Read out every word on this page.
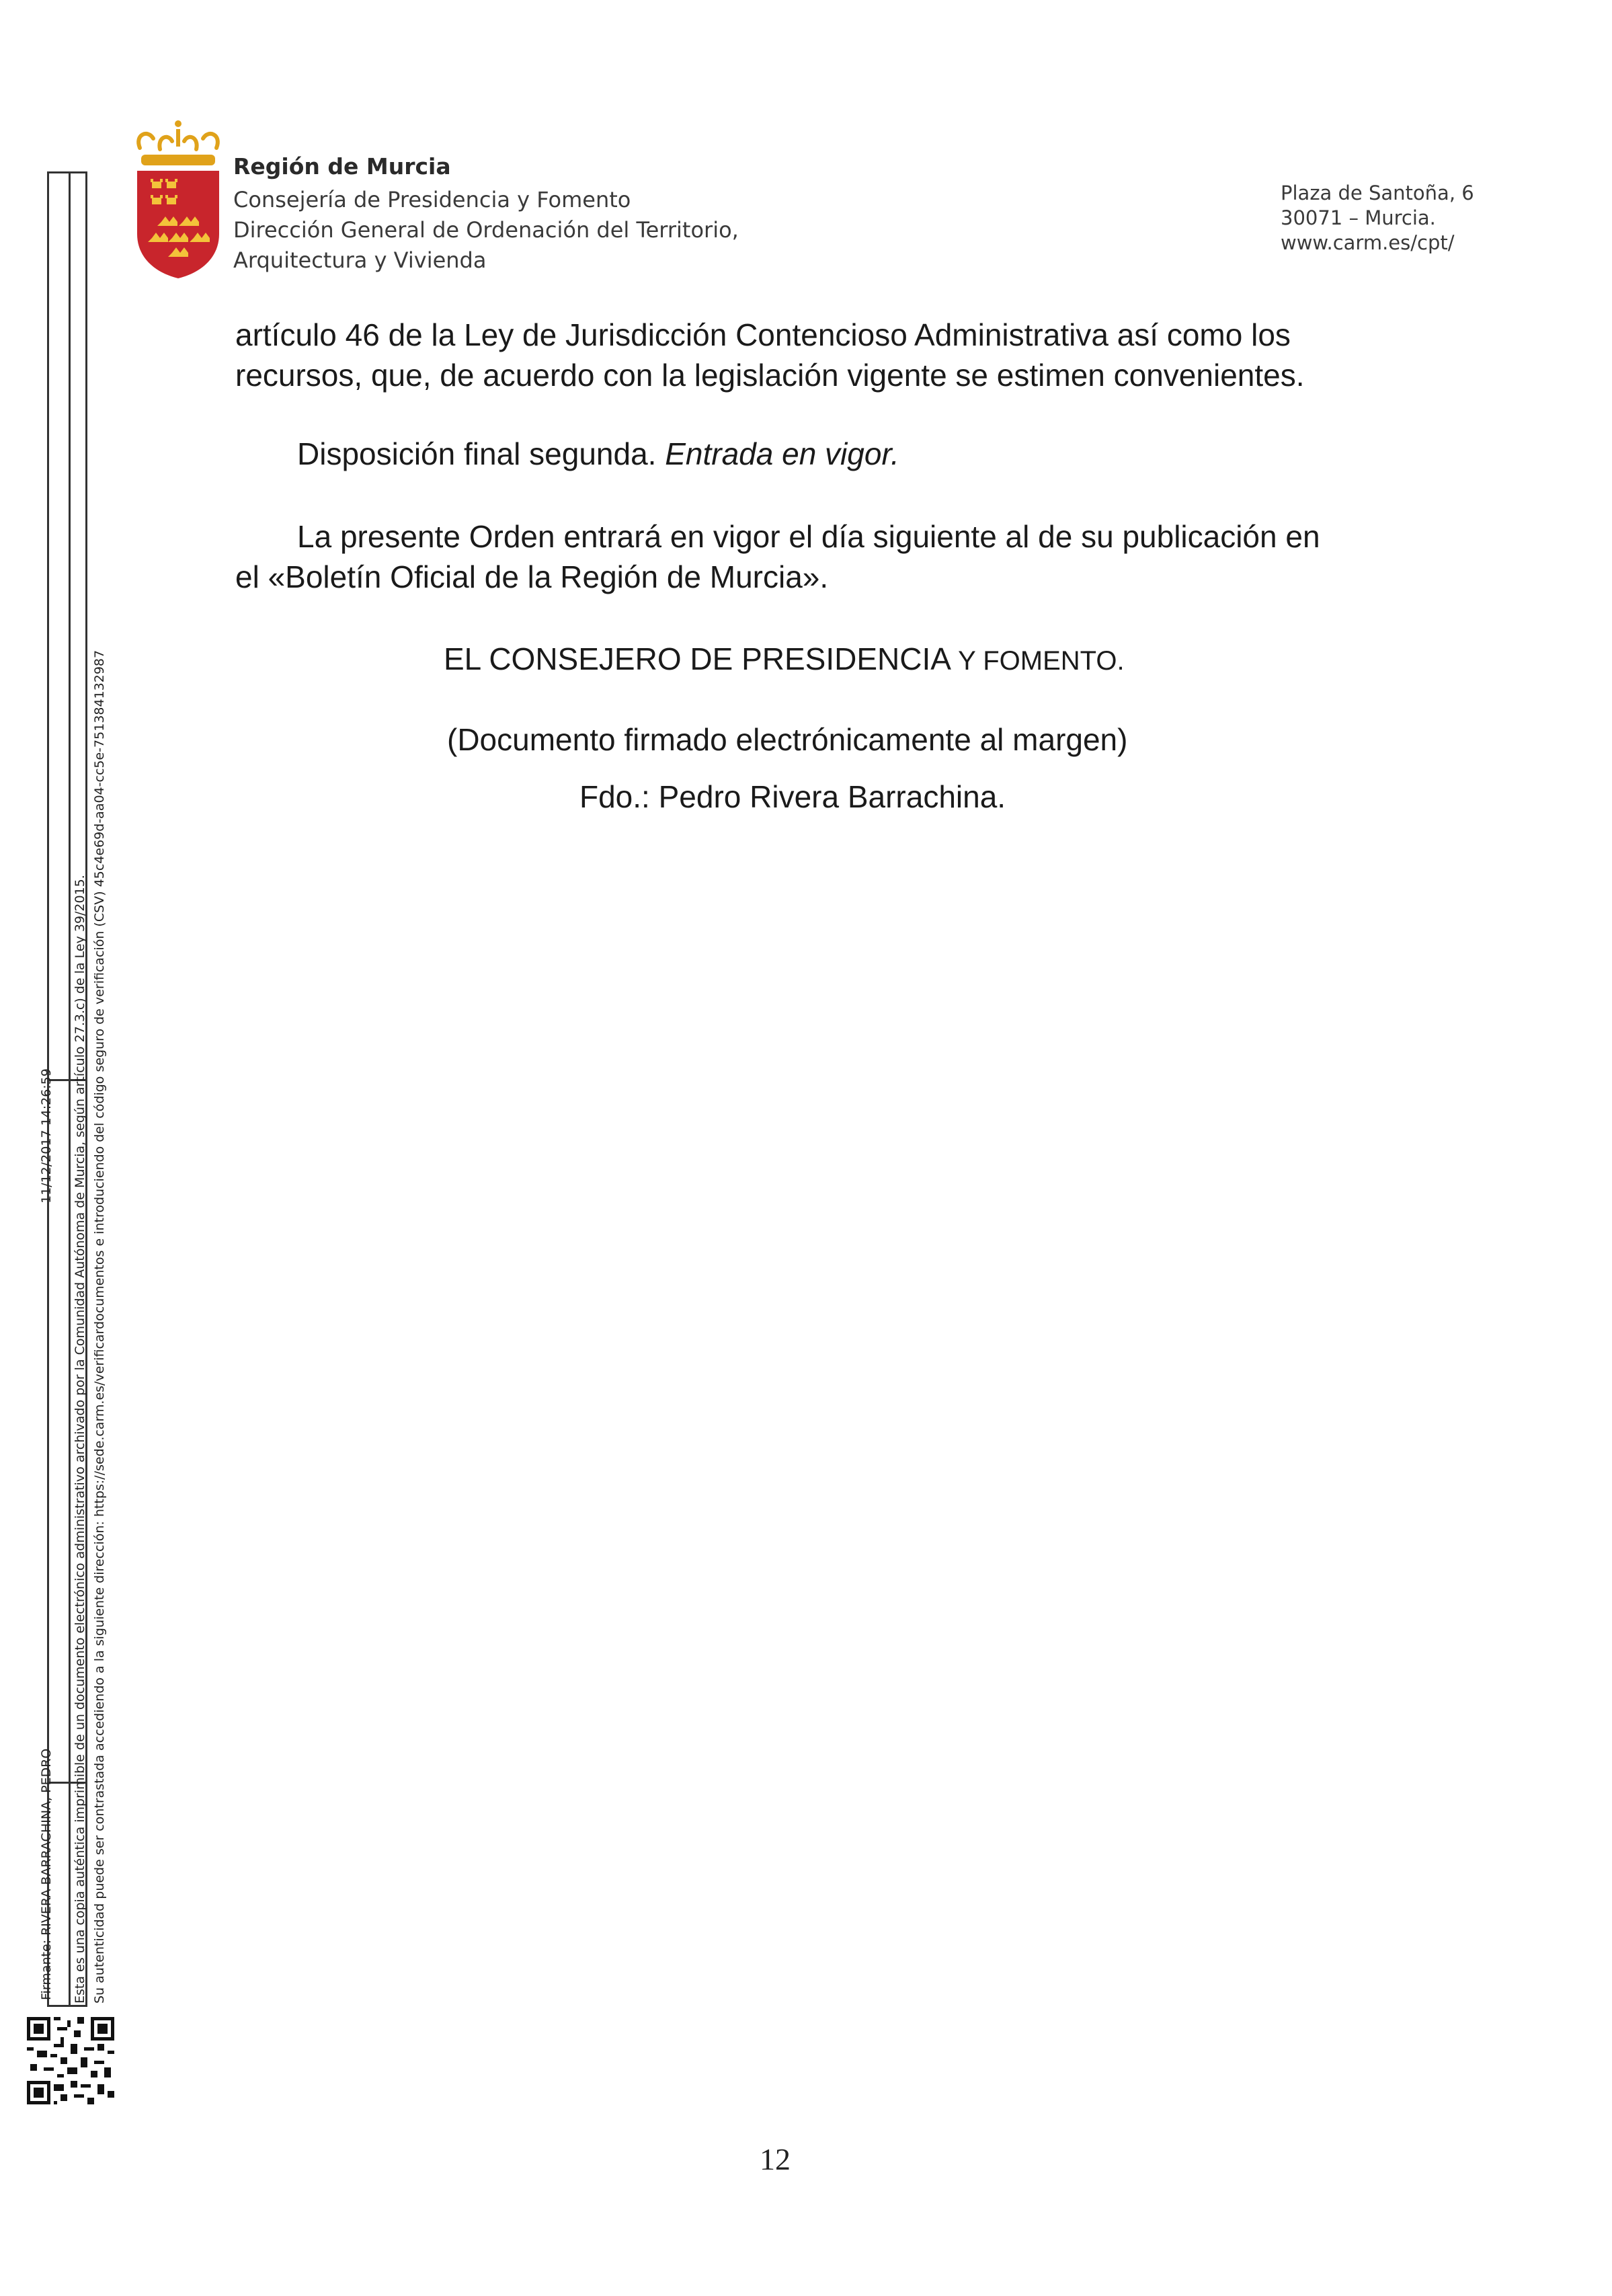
Región de Murcia
Consejería de Presidencia y Fomento
Dirección General de Ordenación del Territorio,
Arquitectura y Vivienda
Plaza de Santoña, 6
30071 – Murcia.
www.carm.es/cpt/
artículo 46 de la Ley de Jurisdicción Contencioso Administrativa así como los
recursos, que, de acuerdo con la legislación vigente se estimen convenientes.
Disposición final segunda. Entrada en vigor.
La presente Orden entrará en vigor el día siguiente al de su publicación en
el «Boletín Oficial de la Región de Murcia».
EL CONSEJERO DE PRESIDENCIA Y FOMENTO.
(Documento firmado electrónicamente al margen)
Fdo.: Pedro Rivera Barrachina.
Firmante: RIVERA BARRACHINA, PEDRO
11/12/2017 14:26:59 Esta es una copia auténtica imprimible de un documento electrónico administrativo archivado por la Comunidad Autónoma de Murcia, según artículo 27.3.c) de la Ley 39/2015. Su autenticidad puede ser contrastada accediendo a la siguiente dirección: https://sede.carm.es/verificardocumentos e introduciendo del código seguro de verificación (CSV) 45c4e69d-aa04-cc5e-751384132987
12
